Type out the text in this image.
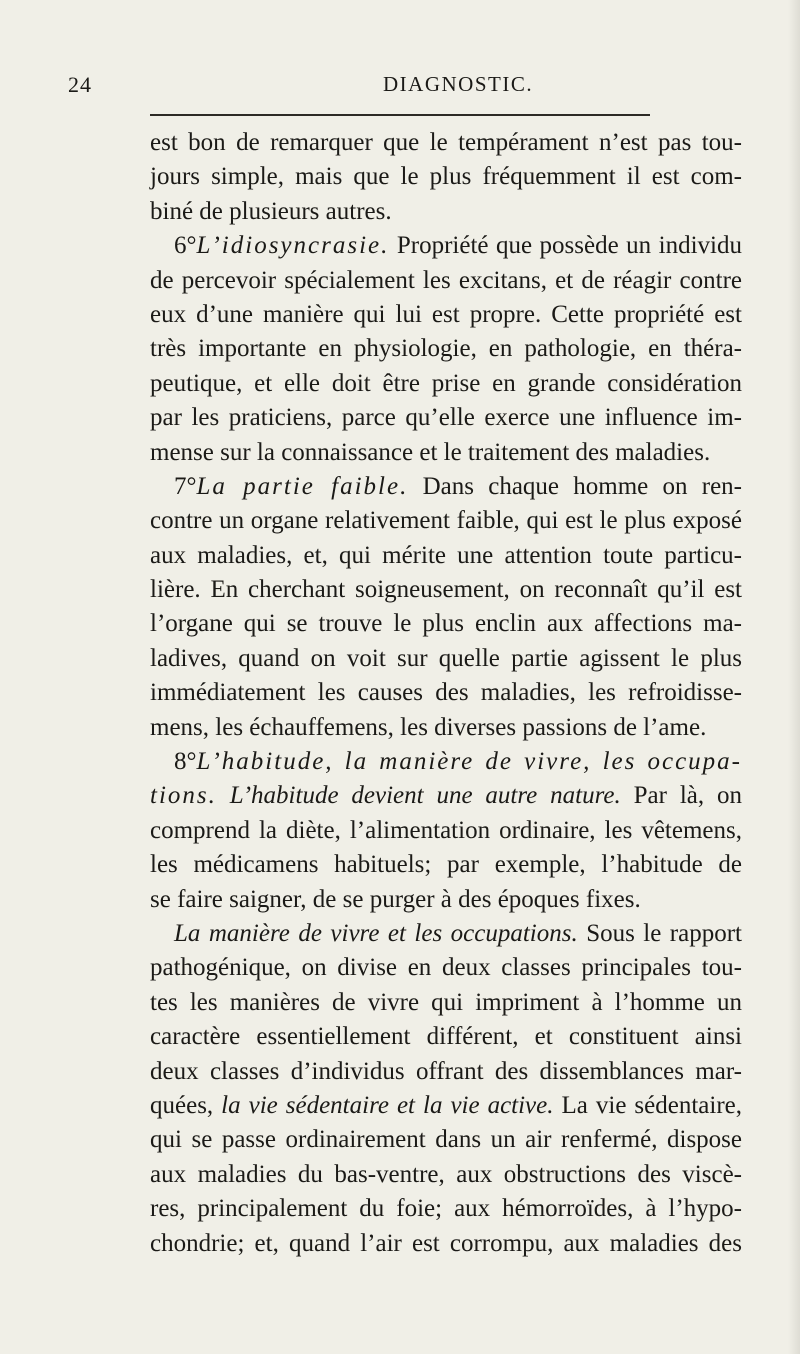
24	DIAGNOSTIC.
est bon de remarquer que le tempérament n’est pas tou-
jours simple, mais que le plus fréquemment il est com-
biné de plusieurs autres.
6°L’idiosyncrasie. Propriété que possède un individu
de percevoir spécialement les excitans, et de réagir contre
eux d’une manière qui lui est propre. Cette propriété est
très importante en physiologie, en pathologie, en théra-
peutique, et elle doit être prise en grande considération
par les praticiens, parce qu’elle exerce une influence im-
mense sur la connaissance et le traitement des maladies.
7°La partie faible. Dans chaque homme on ren-
contre un organe relativement faible, qui est le plus exposé
aux maladies, et, qui mérite une attention toute particu-
lière. En cherchant soigneusement, on reconnaît qu’il est
l’organe qui se trouve le plus enclin aux affections ma-
ladives, quand on voit sur quelle partie agissent le plus
immédiatement les causes des maladies, les refroidisse-
mens, les échauffemens, les diverses passions de l’ame.
8°L’habitude, la manière de vivre, les occupa-
tions. L’habitude devient une autre nature. Par là, on
comprend la diète, l’alimentation ordinaire, les vêtemens,
les médicamens habituels; par exemple, l’habitude de
se faire saigner, de se purger à des époques fixes.
La manière de vivre et les occupations. Sous le rapport
pathogénique, on divise en deux classes principales tou-
tes les manières de vivre qui impriment à l’homme un
caractère essentiellement différent, et constituent ainsi
deux classes d’individus offrant des dissemblances mar-
quées, la vie sédentaire et la vie active. La vie sédentaire,
qui se passe ordinairement dans un air renfermé, dispose
aux maladies du bas-ventre, aux obstructions des viscè-
res, principalement du foie; aux hémorroïdes, à l’hypo-
chondrie; et, quand l’air est corrompu, aux maladies des
